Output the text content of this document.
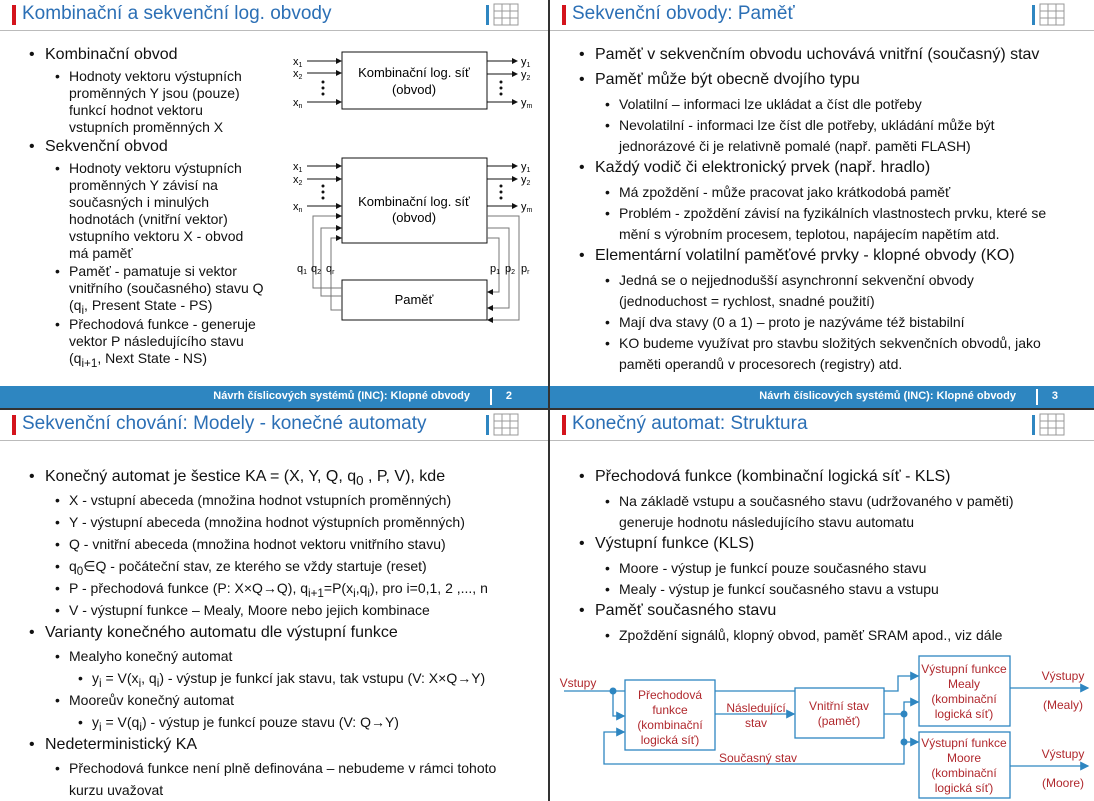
Kombinační a sekvenční log. obvody
• Kombinační obvod
• Hodnoty vektoru výstupních
proměnných Y jsou (pouze)
funkcí hodnot vektoru
vstupních proměnných X
• Sekvenční obvod
• Hodnoty vektoru výstupních
proměnných Y závisí na
současných i minulých
hodnotách (vnitřní vektor)
vstupního vektoru X - obvod
má paměť
• Paměť - pamatuje si vektor
vnitřního (současného) stavu Q
($q_i$, Present State - PS)
• Přechodová funkce - generuje
vektor P následujícího stavu
($q_{i+1}$, Next State - NS)
Kombinační log. síť
(obvod)
x1
x2
xn
y1
y2
ym
Kombinační log. síť
(obvod)
Paměť
x1
x2
xn
y1
y2
ym
q1 q2 qr	p1 p2 pr
Návrh číslicových systémů (INC): Klopné obvody	2
Sekvenční obvody: Paměť
• Paměť v sekvenčním obvodu uchovává vnitřní (současný) stav
• Paměť může být obecně dvojího typu
• Volatilní – informaci lze ukládat a číst dle potřeby
• Nevolatilní - informaci lze číst dle potřeby, ukládání může být
jednorázové či je relativně pomalé (např. paměti FLASH)
• Každý vodič či elektronický prvek (např. hradlo)
• Má zpoždění - může pracovat jako krátkodobá paměť
• Problém - zpoždění závisí na fyzikálních vlastnostech prvku, které se
mění s výrobním procesem, teplotou, napájecím napětím atd.
• Elementární volatilní paměťové prvky - klopné obvody (KO)
• Jedná se o nejjednodušší asynchronní sekvenční obvody
(jednoduchost = rychlost, snadné použití)
• Mají dva stavy (0 a 1) – proto je nazýváme též bistabilní
• KO budeme využívat pro stavbu složitých sekvenčních obvodů, jako
paměti operandů v procesorech (registry) atd.
Návrh číslicových systémů (INC): Klopné obvody	3
Sekvenční chování: Modely - konečné automaty
• Konečný automat je šestice KA = (X, Y, Q, $q_0$ , P, V), kde
• X - vstupní abeceda (množina hodnot vstupních proměnných)
• Y - výstupní abeceda (množina hodnot výstupních proměnných)
• Q - vnitřní abeceda (množina hodnot vektoru vnitřního stavu)
• $q_0\in Q$ - počáteční stav, ze kterého se vždy startuje (reset)
• P - přechodová funkce (P: X×Q→Q), $q_{i+1}=P(x_i,q_i)$, pro i=0,1, 2 ,..., n
• V - výstupní funkce – Mealy, Moore nebo jejich kombinace
• Varianty konečného automatu dle výstupní funkce
• Mealyho konečný automat
• $y_i = V(x_i$, $q_i$) - výstup je funkcí jak stavu, tak vstupu (V: X×Q→Y)
• Mooreův konečný automat
• $y_i = V(q_i)$ - výstup je funkcí pouze stavu (V: Q→Y)
• Nedeterministický KA
• Přechodová funkce není plně definována – nebudeme v rámci tohoto
kurzu uvažovat
Konečný automat: Struktura
• Přechodová funkce (kombinační logická síť - KLS)
• Na základě vstupu a současného stavu (udržovaného v paměti)
generuje hodnotu následujícího stavu automatu
• Výstupní funkce (KLS)
• Moore - výstup je funkcí pouze současného stavu
• Mealy - výstup je funkcí současného stavu a vstupu
• Paměť současného stavu
• Zpoždění signálů, klopný obvod, paměť SRAM apod., viz dále
Přechodová
funkce
(kombinační
logická síť)
Vnitřní stav
(paměť)
Výstupní funkce
Mealy
(kombinační
logická síť)
Výstupní funkce
Moore
(kombinační
logická síť)
Následující
stav
Současný stav
Vstupy	Výstupy
(Mealy)
Výstupy
(Moore)
